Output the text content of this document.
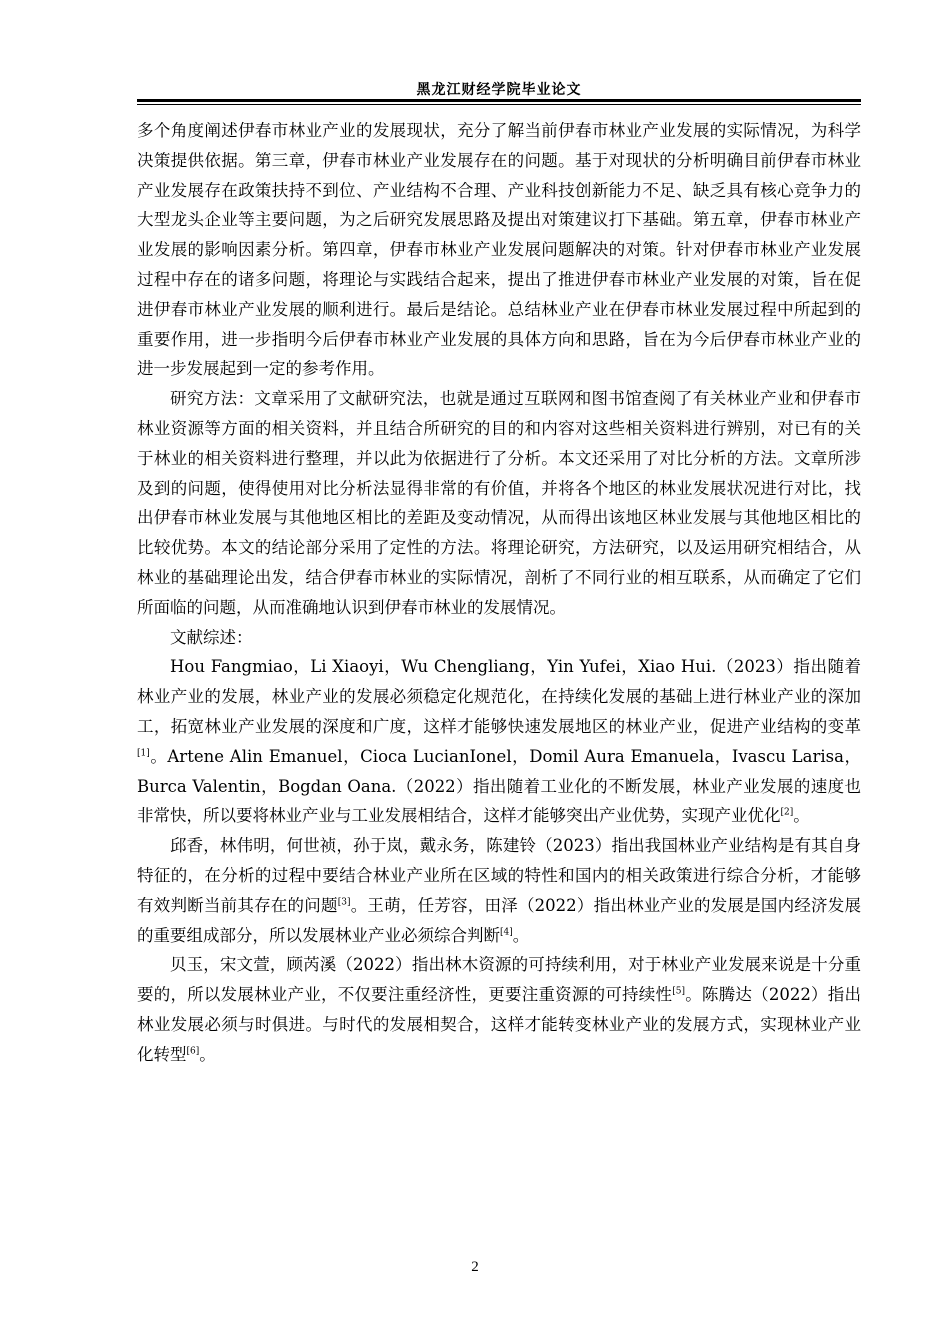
黑龙江财经学院毕业论文

多个角度阐述伊春市林业产业的发展现状，充分了解当前伊春市林业产业发展的实际情况，为科学决策提供依据。第三章，伊春市林业产业发展存在的问题。基于对现状的分析明确目前伊春市林业产业发展存在政策扶持不到位、产业结构不合理、产业科技创新能力不足、缺乏具有核心竞争力的大型龙头企业等主要问题，为之后研究发展思路及提出对策建议打下基础。第五章，伊春市林业产业发展的影响因素分析。第四章，伊春市林业产业发展问题解决的对策。针对伊春市林业产业发展过程中存在的诸多问题，将理论与实践结合起来，提出了推进伊春市林业产业发展的对策，旨在促进伊春市林业产业发展的顺利进行。最后是结论。总结林业产业在伊春市林业发展过程中所起到的重要作用，进一步指明今后伊春市林业产业发展的具体方向和思路，旨在为今后伊春市林业产业的进一步发展起到一定的参考作用。

研究方法：文章采用了文献研究法，也就是通过互联网和图书馆查阅了有关林业产业和伊春市林业资源等方面的相关资料，并且结合所研究的目的和内容对这些相关资料进行辨别，对已有的关于林业的相关资料进行整理，并以此为依据进行了分析。本文还采用了对比分析的方法。文章所涉及到的问题，使得使用对比分析法显得非常的有价值，并将各个地区的林业发展状况进行对比，找出伊春市林业发展与其他地区相比的差距及变动情况，从而得出该地区林业发展与其他地区相比的比较优势。本文的结论部分采用了定性的方法。将理论研究，方法研究，以及运用研究相结合，从林业的基础理论出发，结合伊春市林业的实际情况，剖析了不同行业的相互联系，从而确定了它们所面临的问题，从而准确地认识到伊春市林业的发展情况。

文献综述：

Hou Fangmiao，Li Xiaoyi，Wu Chengliang，Yin Yufei，Xiao Hui.（2023）指出随着林业产业的发展，林业产业的发展必须稳定化规范化，在持续化发展的基础上进行林业产业的深加工，拓宽林业产业发展的深度和广度，这样才能够快速发展地区的林业产业，促进产业结构的变革[1]。Artene Alin Emanuel，Cioca LucianIonel，Domil Aura Emanuela，Ivascu Larisa，Burca Valentin，Bogdan Oana.（2022）指出随着工业化的不断发展，林业产业发展的速度也非常快，所以要将林业产业与工业发展相结合，这样才能够突出产业优势，实现产业优化[2]。

邱香，林伟明，何世祯，孙于岚，戴永务，陈建铃（2023）指出我国林业产业结构是有其自身特征的，在分析的过程中要结合林业产业所在区域的特性和国内的相关政策进行综合分析，才能够有效判断当前其存在的问题[3]。王萌，任芳容，田泽（2022）指出林业产业的发展是国内经济发展的重要组成部分，所以发展林业产业必须综合判断[4]。

贝玉，宋文萱，顾芮溪（2022）指出林木资源的可持续利用，对于林业产业发展来说是十分重要的，所以发展林业产业，不仅要注重经济性，更要注重资源的可持续性[5]。陈腾达（2022）指出林业发展必须与时俱进。与时代的发展相契合，这样才能转变林业产业的发展方式，实现林业产业化转型[6]。

2
